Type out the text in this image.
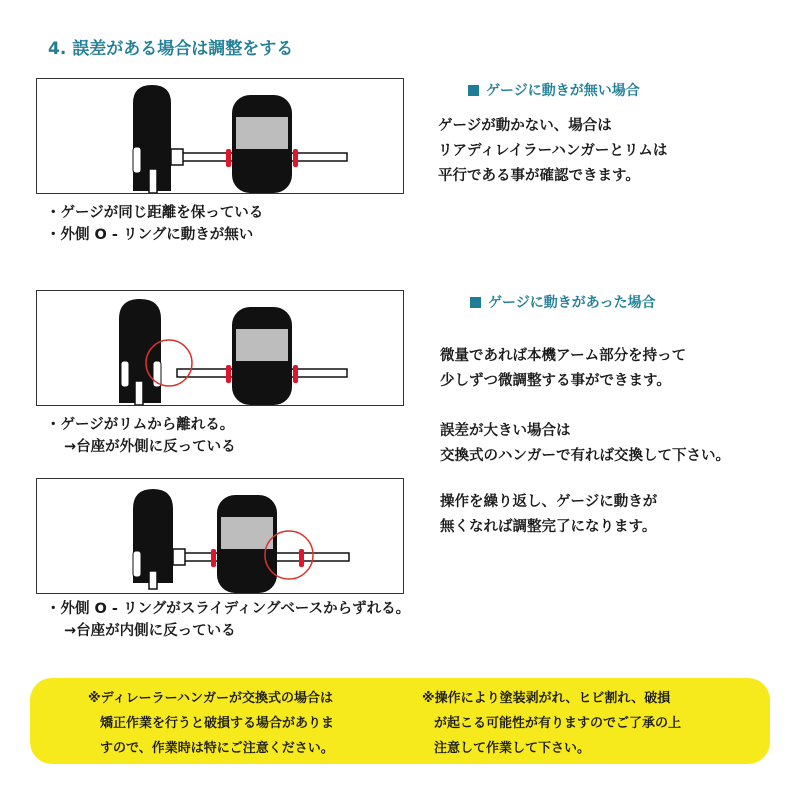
4. 誤差がある場合は調整をする
・ゲージが同じ距離を保っている
・外側 O - リングに動きが無い
ゲージに動きが無い場合
ゲージが動かない、場合は
リアディレイラーハンガーとリムは
平行である事が確認できます。
・ゲージがリムから離れる。
→台座が外側に反っている
ゲージに動きがあった場合
微量であれば本機アーム部分を持って
少しずつ微調整する事ができます。
誤差が大きい場合は
交換式のハンガーで有れば交換して下さい。
操作を繰り返し、ゲージに動きが
無くなれば調整完了になります。
・外側 O - リングがスライディングベースからずれる。
→台座が内側に反っている
※ディレーラーハンガーが交換式の場合は
矯正作業を行うと破損する場合がありま
すので、作業時は特にご注意ください。
※操作により塗装剥がれ、ヒビ割れ、破損
が起こる可能性が有りますのでご了承の上
注意して作業して下さい。
